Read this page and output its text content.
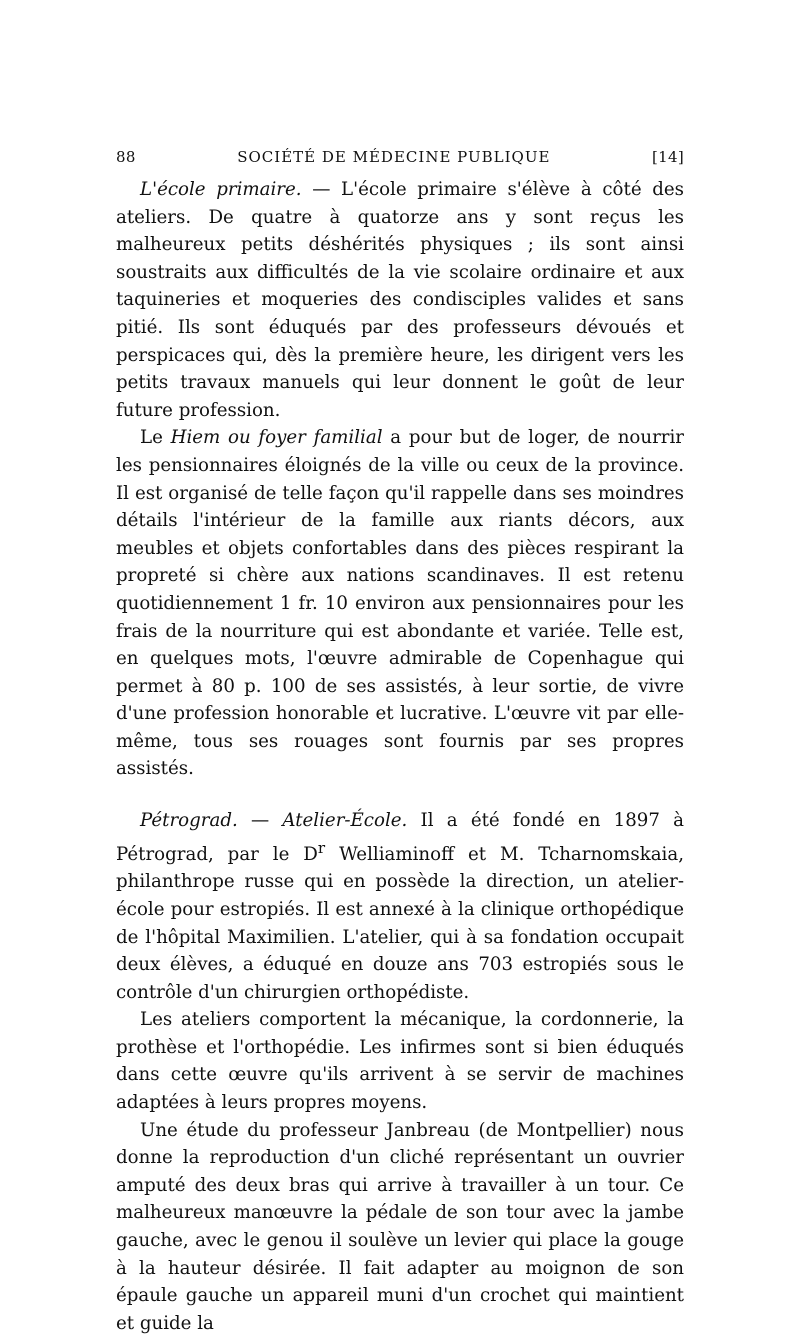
88	SOCIÉTÉ DE MÉDECINE PUBLIQUE	[14]

L'école primaire. — L'école primaire s'élève à côté des ateliers. De quatre à quatorze ans y sont reçus les malheureux petits déshérités physiques ; ils sont ainsi soustraits aux difficultés de la vie scolaire ordinaire et aux taquineries et moqueries des condisciples valides et sans pitié. Ils sont éduqués par des professeurs dévoués et perspicaces qui, dès la première heure, les dirigent vers les petits travaux manuels qui leur donnent le goût de leur future profession.

Le Hiem ou foyer familial a pour but de loger, de nourrir les pensionnaires éloignés de la ville ou ceux de la province. Il est organisé de telle façon qu'il rappelle dans ses moindres détails l'intérieur de la famille aux riants décors, aux meubles et objets confortables dans des pièces respirant la propreté si chère aux nations scandinaves. Il est retenu quotidiennement 1 fr. 10 environ aux pensionnaires pour les frais de la nourriture qui est abondante et variée. Telle est, en quelques mots, l'œuvre admirable de Copenhague qui permet à 80 p. 100 de ses assistés, à leur sortie, de vivre d'une profession honorable et lucrative. L'œuvre vit par elle-même, tous ses rouages sont fournis par ses propres assistés.

Pétrograd. — Atelier-École. Il a été fondé en 1897 à Pétrograd, par le $D^r$ Welliaminoff et M. Tcharnomskaia, philanthrope russe qui en possède la direction, un atelier-école pour estropiés. Il est annexé à la clinique orthopédique de l'hôpital Maximilien. L'atelier, qui à sa fondation occupait deux élèves, a éduqué en douze ans 703 estropiés sous le contrôle d'un chirurgien orthopédiste.

Les ateliers comportent la mécanique, la cordonnerie, la prothèse et l'orthopédie. Les infirmes sont si bien éduqués dans cette œuvre qu'ils arrivent à se servir de machines adaptées à leurs propres moyens.

Une étude du professeur Janbreau (de Montpellier) nous donne la reproduction d'un cliché représentant un ouvrier amputé des deux bras qui arrive à travailler à un tour. Ce malheureux manœuvre la pédale de son tour avec la jambe gauche, avec le genou il soulève un levier qui place la gouge à la hauteur désirée. Il fait adapter au moignon de son épaule gauche un appareil muni d'un crochet qui maintient et guide la
